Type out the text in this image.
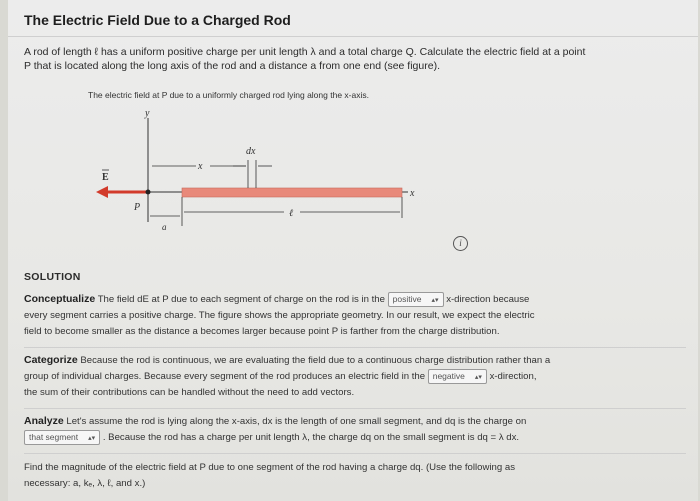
The Electric Field Due to a Charged Rod
A rod of length ℓ has a uniform positive charge per unit length λ and a total charge Q. Calculate the electric field at a point
P that is located along the long axis of the rod and a distance a from one end (see figure).
The electric field at P due to a uniformly charged rod lying along the x-axis.
y
x
dx
x
E
P
a
ℓ
i
SOLUTION
Conceptualize The field dE at P due to each segment of charge on the rod is in the positive ▴▾ x-direction because
every segment carries a positive charge. The figure shows the appropriate geometry. In our result, we expect the electric
field to become smaller as the distance a becomes larger because point P is farther from the charge distribution.
Categorize Because the rod is continuous, we are evaluating the field due to a continuous charge distribution rather than a
group of individual charges. Because every segment of the rod produces an electric field in the negative ▴▾ x-direction,
the sum of their contributions can be handled without the need to add vectors.
Analyze Let's assume the rod is lying along the x-axis, dx is the length of one small segment, and dq is the charge on
that segment ▴▾ . Because the rod has a charge per unit length λ, the charge dq on the small segment is dq = λ dx.
Find the magnitude of the electric field at P due to one segment of the rod having a charge dq. (Use the following as
necessary: a, kₑ, λ, ℓ, and x.)
